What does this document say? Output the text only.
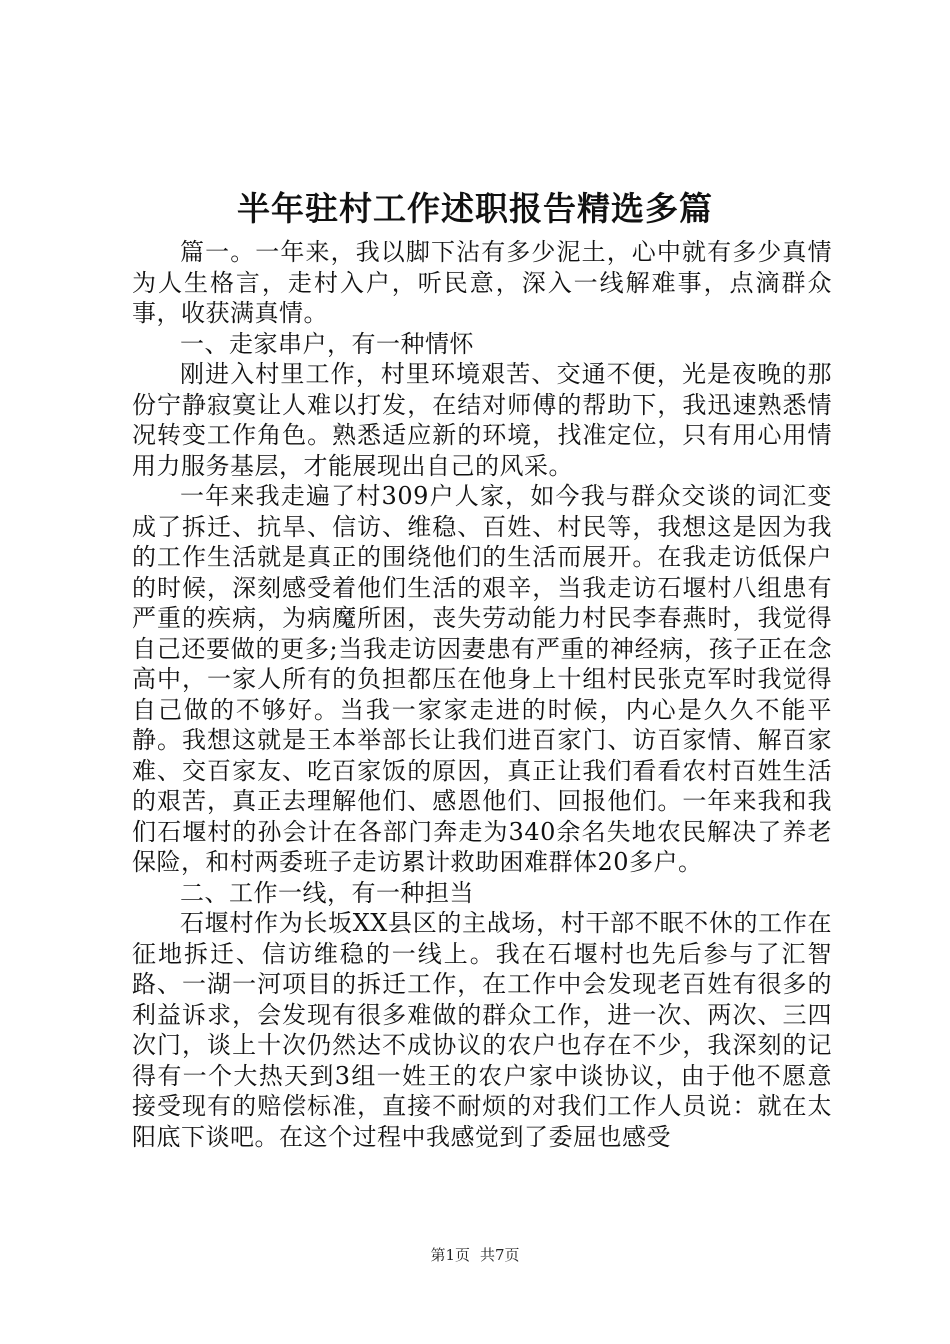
半年驻村工作述职报告精选多篇

篇一。一年来，我以脚下沾有多少泥土，心中就有多少真情为人生格言，走村入户，听民意，深入一线解难事，点滴群众事，收获满真情。

一、走家串户，有一种情怀

刚进入村里工作，村里环境艰苦、交通不便，光是夜晚的那份宁静寂寞让人难以打发，在结对师傅的帮助下，我迅速熟悉情况转变工作角色。熟悉适应新的环境，找准定位，只有用心用情用力服务基层，才能展现出自己的风采。

一年来我走遍了村309户人家，如今我与群众交谈的词汇变成了拆迁、抗旱、信访、维稳、百姓、村民等，我想这是因为我的工作生活就是真正的围绕他们的生活而展开。在我走访低保户的时候，深刻感受着他们生活的艰辛，当我走访石堰村八组患有严重的疾病，为病魔所困，丧失劳动能力村民李春燕时，我觉得自己还要做的更多;当我走访因妻患有严重的神经病，孩子正在念高中，一家人所有的负担都压在他身上十组村民张克军时我觉得自己做的不够好。当我一家家走进的时候，内心是久久不能平静。我想这就是王本举部长让我们进百家门、访百家情、解百家难、交百家友、吃百家饭的原因，真正让我们看看农村百姓生活的艰苦，真正去理解他们、感恩他们、回报他们。一年来我和我们石堰村的孙会计在各部门奔走为340余名失地农民解决了养老保险，和村两委班子走访累计救助困难群体20多户。

二、工作一线，有一种担当

石堰村作为长坂XX县区的主战场，村干部不眠不休的工作在征地拆迁、信访维稳的一线上。我在石堰村也先后参与了汇智路、一湖一河项目的拆迁工作，在工作中会发现老百姓有很多的利益诉求，会发现有很多难做的群众工作，进一次、两次、三四次门，谈上十次仍然达不成协议的农户也存在不少，我深刻的记得有一个大热天到3组一姓王的农户家中谈协议，由于他不愿意接受现有的赔偿标准，直接不耐烦的对我们工作人员说：就在太阳底下谈吧。在这个过程中我感觉到了委屈也感受

第1页 共7页
